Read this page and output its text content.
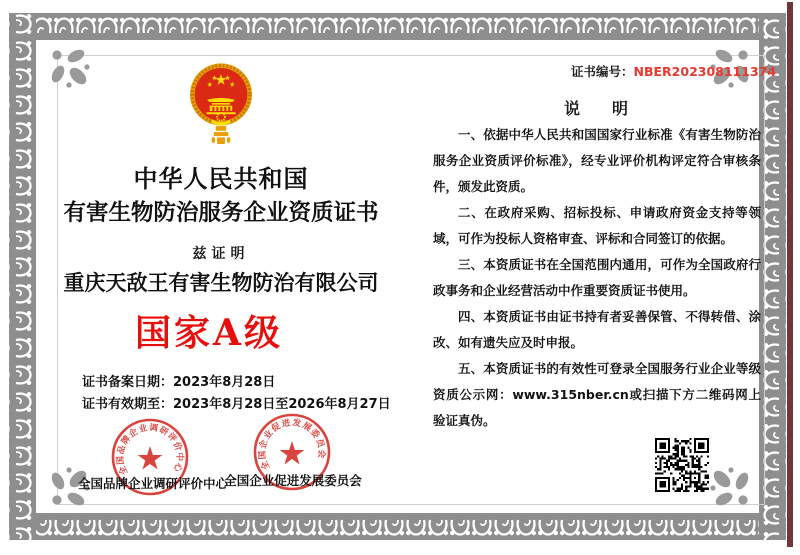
中华人民共和国
有害生物防治服务企业资质证书
兹证明
重庆天敌王有害生物防治有限公司
国家A级
证书备案日期：2023年8月28日
证书有效期至：2023年8月28日至2026年8月27日
全国品牌企业调研评价中心	全国企业促进发展委员会
全国品牌企业调研评价中心
全国企业促进发展委员会
证书编号：NBER202308111374
说　　明

一、依据中华人民共和国国家行业标准《有害生物防治服务企业资质评价标准》，经专业评价机构评定符合审核条件，颁发此资质。

二、在政府采购、招标投标、申请政府资金支持等领域，可作为投标人资格审查、评标和合同签订的依据。

三、本资质证书在全国范围内通用，可作为全国政府行政事务和企业经营活动中作重要资质证书使用。

四、本资质证书由证书持有者妥善保管、不得转借、涂改、如有遗失应及时申报。

五、本资质证书的有效性可登录全国服务行业企业等级资质公示网：www.315nber.cn或扫描下方二维码网上验证真伪。
